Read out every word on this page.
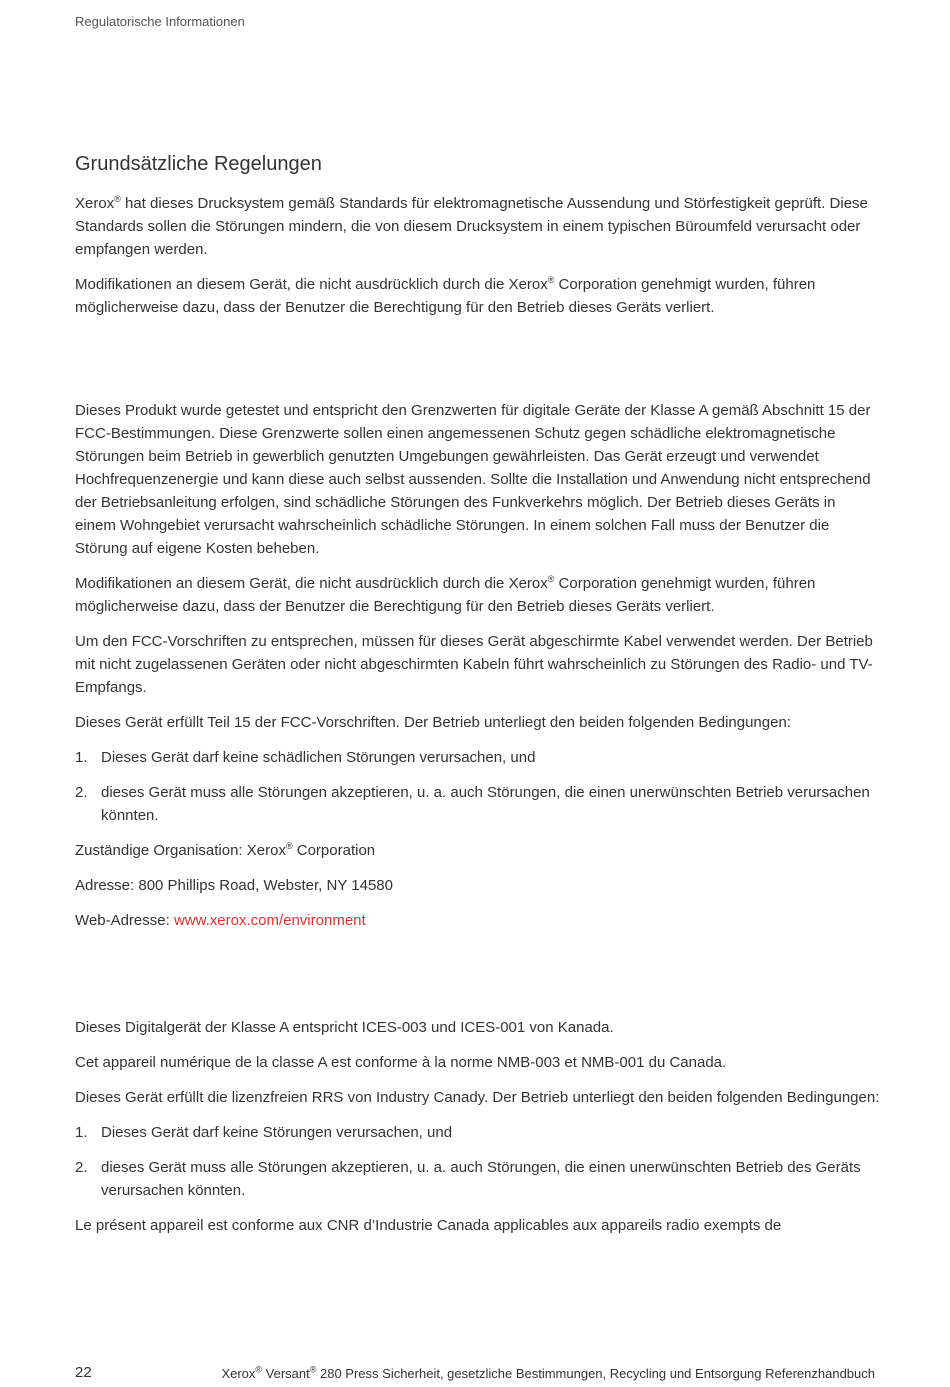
Regulatorische Informationen
Grundsätzliche Regelungen

Xerox® hat dieses Drucksystem gemäß Standards für elektromagnetische Aussendung und Störfestigkeit geprüft. Diese Standards sollen die Störungen mindern, die von diesem Drucksystem in einem typischen Büroumfeld verursacht oder empfangen werden.

Modifikationen an diesem Gerät, die nicht ausdrücklich durch die Xerox® Corporation genehmigt wurden, führen möglicherweise dazu, dass der Benutzer die Berechtigung für den Betrieb dieses Geräts verliert.

Dieses Produkt wurde getestet und entspricht den Grenzwerten für digitale Geräte der Klasse A gemäß Abschnitt 15 der FCC-Bestimmungen. Diese Grenzwerte sollen einen angemessenen Schutz gegen schädliche elektromagnetische Störungen beim Betrieb in gewerblich genutzten Umgebungen gewährleisten. Das Gerät erzeugt und verwendet Hochfrequenzenergie und kann diese auch selbst aussenden. Sollte die Installation und Anwendung nicht entsprechend der Betriebsanleitung erfolgen, sind schädliche Störungen des Funkverkehrs möglich. Der Betrieb dieses Geräts in einem Wohngebiet verursacht wahrscheinlich schädliche Störungen. In einem solchen Fall muss der Benutzer die Störung auf eigene Kosten beheben.

Modifikationen an diesem Gerät, die nicht ausdrücklich durch die Xerox® Corporation genehmigt wurden, führen möglicherweise dazu, dass der Benutzer die Berechtigung für den Betrieb dieses Geräts verliert.

Um den FCC-Vorschriften zu entsprechen, müssen für dieses Gerät abgeschirmte Kabel verwendet werden. Der Betrieb mit nicht zugelassenen Geräten oder nicht abgeschirmten Kabeln führt wahrscheinlich zu Störungen des Radio- und TV-Empfangs.

Dieses Gerät erfüllt Teil 15 der FCC-Vorschriften. Der Betrieb unterliegt den beiden folgenden Bedingungen:

1. Dieses Gerät darf keine schädlichen Störungen verursachen, und
2. dieses Gerät muss alle Störungen akzeptieren, u. a. auch Störungen, die einen unerwünschten Betrieb verursachen könnten.

Zuständige Organisation: Xerox® Corporation

Adresse: 800 Phillips Road, Webster, NY 14580

Web-Adresse: www.xerox.com/environment

Dieses Digitalgerät der Klasse A entspricht ICES-003 und ICES-001 von Kanada.

Cet appareil numérique de la classe A est conforme à la norme NMB-003 et NMB-001 du Canada.

Dieses Gerät erfüllt die lizenzfreien RRS von Industry Canady. Der Betrieb unterliegt den beiden folgenden Bedingungen:

1. Dieses Gerät darf keine Störungen verursachen, und
2. dieses Gerät muss alle Störungen akzeptieren, u. a. auch Störungen, die einen unerwünschten Betrieb des Geräts verursachen könnten.

Le présent appareil est conforme aux CNR d’Industrie Canada applicables aux appareils radio exempts de

22	Xerox® Versant® 280 Press Sicherheit, gesetzliche Bestimmungen, Recycling und Entsorgung Referenzhandbuch
